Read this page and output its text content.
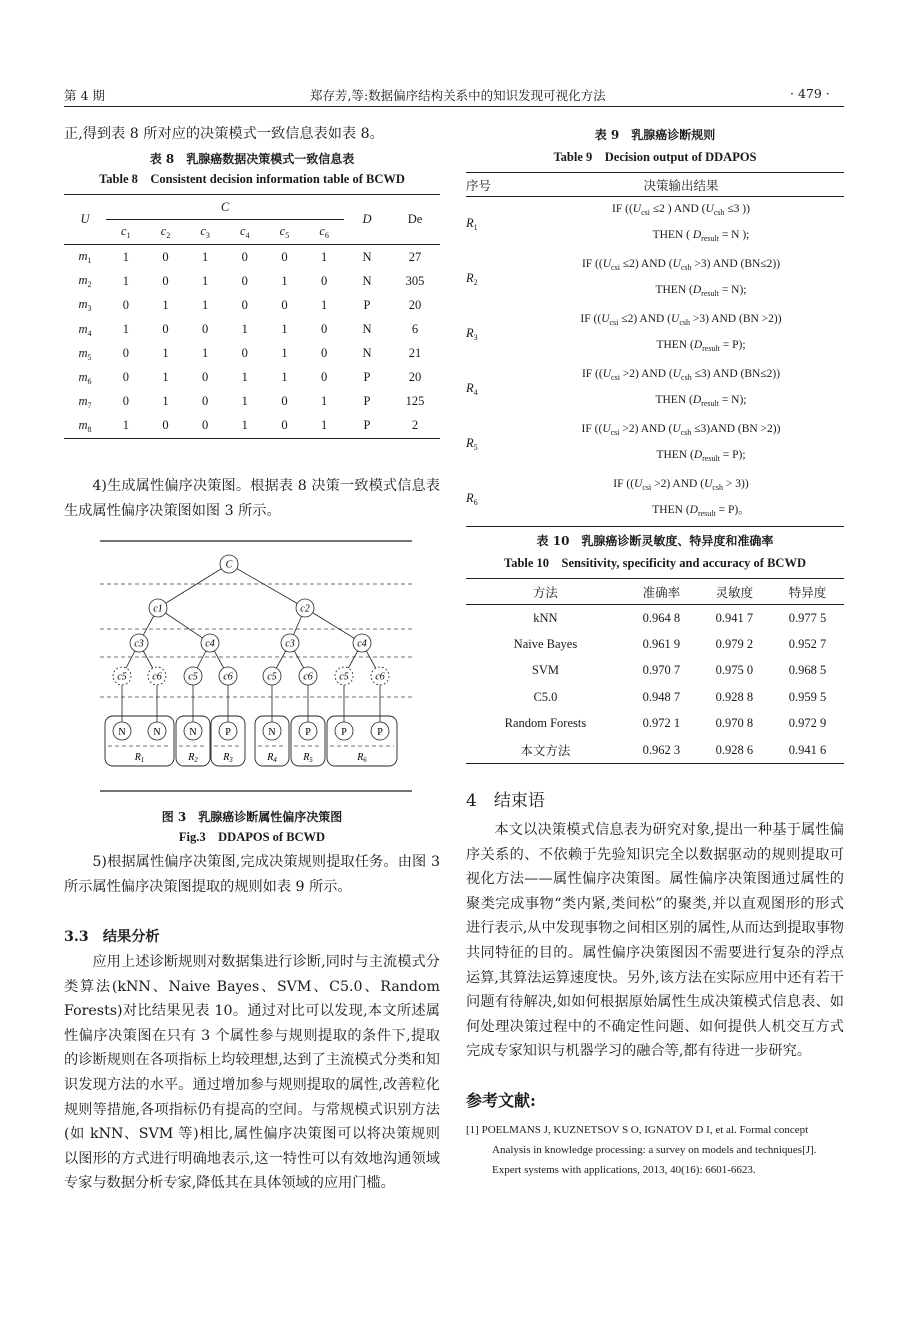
第 4 期	郑存芳,等:数据偏序结构关系中的知识发现可视化方法	· 479 ·

正,得到表 8 所对应的决策模式一致信息表如表 8。

表 8　乳腺癌数据决策模式一致信息表
Table 8　Consistent decision information table of BCWD
U	C						D	De
	$c_1$	$c_2$	$c_3$	$c_4$	$c_5$	$c_6$
$m_1$	1	0	1	0	0	1	N	27
$m_2$	1	0	1	0	1	0	N	305
$m_3$	0	1	1	0	0	1	P	20
$m_4$	1	0	0	1	1	0	N	6
$m_5$	0	1	1	0	1	0	N	21
$m_6$	0	1	0	1	1	0	P	20
$m_7$	0	1	0	1	0	1	P	125
$m_8$	1	0	0	1	0	1	P	2

4)生成属性偏序决策图。根据表 8 决策一致模式信息表生成属性偏序决策图如图 3 所示。

$R_1$	$R_2$	$R_3$	$R_4$	$R_5$	$R_6$
C
c1	c2
c3	c4	c3	c4
c5	c6	c5	c6	c5	c6	c5	c6
N	N	N	P	N	P	P	P
图 3　乳腺癌诊断属性偏序决策图
Fig.3　DDAPOS of BCWD

5)根据属性偏序决策图,完成决策规则提取任务。由图 3 所示属性偏序决策图提取的规则如表 9 所示。

3.3　结果分析

应用上述诊断规则对数据集进行诊断,同时与主流模式分类算法(kNN、Naive Bayes、SVM、C5.0、Random Forests)对比结果见表 10。通过对比可以发现,本文所述属性偏序决策图在只有 3 个属性参与规则提取的条件下,提取的诊断规则在各项指标上均较理想,达到了主流模式分类和知识发现方法的水平。通过增加参与规则提取的属性,改善粒化规则等措施,各项指标仍有提高的空间。与常规模式识别方法(如 kNN、SVM 等)相比,属性偏序决策图可以将决策规则以图形的方式进行明确地表示,这一特性可以有效地沟通领域专家与数据分析专家,降低其在具体领域的应用门槛。

表 9　乳腺癌诊断规则
Table 9　Decision output of DDAPOS
序号	决策输出结果
$R_1$	IF (($U_{csi} \le 2$ ) AND ($U_{csh} \le 3$ ))
THEN ( $D_{result} = N$ );

$R_2$	IF ($(U_{csi} \le 2)$ AND $(U_{csh} >3)$ AND (BN≤2))
THEN $(D_{result} = N)$;

$R_3$	IF ($(U_{csi} \le 2)$ AND $(U_{csh} >3)$ AND (BN >2))
THEN $(D_{result} = P)$;

$R_4$	IF ($(U_{csi} >2)$ AND $(U_{csh} \le 3)$ AND (BN≤2))
THEN $(D_{result} = N)$;

$R_5$	IF ($(U_{csi} >2)$ AND $(U_{csh} \le 3)AND$ (BN >2))
THEN $(D_{result} = P)$;

$R_6$	IF ($(U_{csi} >2)$ AND $(U_{csh} > 3)$)
THEN $(D_{result} = P)$。
表 10　乳腺癌诊断灵敏度、特异度和准确率
Table 10　Sensitivity, specificity and accuracy of BCWD
方法	准确率	灵敏度	特异度
kNN	0.964 8	0.941 7	0.977 5
Naive Bayes	0.961 9	0.979 2	0.952 7
SVM	0.970 7	0.975 0	0.968 5
C5.0	0.948 7	0.928 8	0.959 5
Random Forests	0.972 1	0.970 8	0.972 9
本文方法	0.962 3	0.928 6	0.941 6
4　结束语

本文以决策模式信息表为研究对象,提出一种基于属性偏序关系的、不依赖于先验知识完全以数据驱动的规则提取可视化方法——属性偏序决策图。属性偏序决策图通过属性的聚类完成事物“类内紧,类间松”的聚类,并以直观图形的形式进行表示,从中发现事物之间相区别的属性,从而达到提取事物共同特征的目的。属性偏序决策图因不需要进行复杂的浮点运算,其算法运算速度快。另外,该方法在实际应用中还有若干问题有待解决,如如何根据原始属性生成决策模式信息表、如何处理决策过程中的不确定性问题、如何提供人机交互方式完成专家知识与机器学习的融合等,都有待进一步研究。

参考文献:
[1] POELMANS J, KUZNETSOV S O, IGNATOV D I, et al. Formal concept Analysis in knowledge processing: a survey on models and techniques[J]. Expert systems with applications, 2013, 40(16): 6601-6623.
